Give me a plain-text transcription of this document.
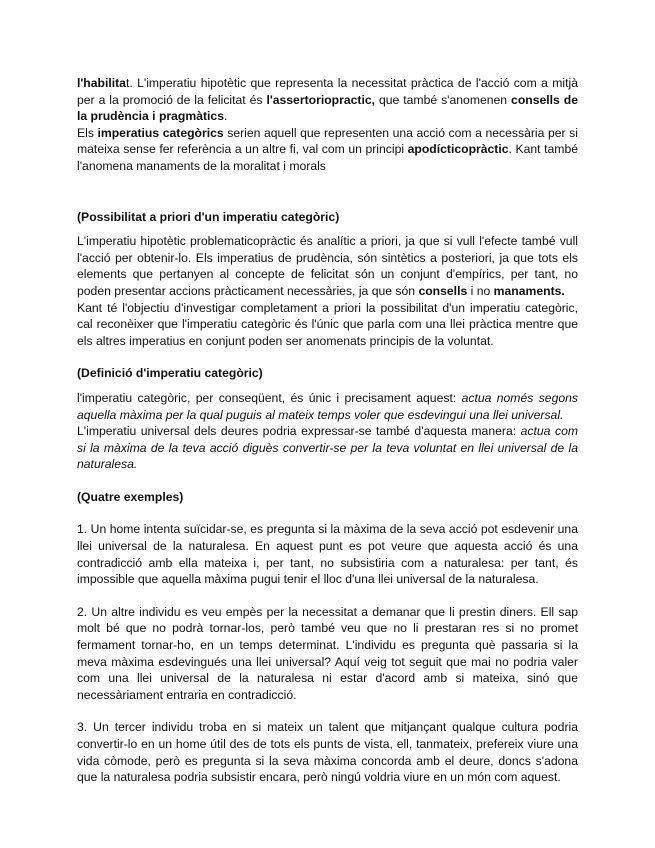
l'habilitat. L'imperatiu hipotètic que representa la necessitat pràctica de l'acció com a mitjà per a la promoció de la felicitat és l'assertoriopractic, que també s'anomenen consells de la prudència i pragmàtics.

Els imperatius categòrics serien aquell que representen una acció com a necessària per si mateixa sense fer referència a un altre fi, val com un principi apodícticopràctic. Kant també l'anomena manaments de la moralitat i morals

(Possibilitat a priori d'un imperatiu categòric)

L'imperatiu hipotètic problematicopràctic és analític a priori, ja que si vull l'efecte també vull l'acció per obtenir-lo. Els imperatius de prudència, són sintètics a posteriori, ja que tots els elements que pertanyen al concepte de felicitat són un conjunt d'empírics, per tant, no poden presentar accions pràcticament necessàries, ja que són consells i no manaments.

Kant té l'objectiu d'investigar completament a priori la possibilitat d'un imperatiu categòric, cal reconèixer que l'imperatiu categòric és l'únic que parla com una llei pràctica mentre que els altres imperatius en conjunt poden ser anomenats principis de la voluntat.

(Definició d'imperatiu categòric)

l'imperatiu categòric, per conseqüent, és únic i precisament aquest: actua només segons aquella màxima per la qual puguis al mateix temps voler que esdevingui una llei universal.

L'imperatiu universal dels deures podria expressar-se també d'aquesta manera: actua com si la màxima de la teva acció diguès convertir-se per la teva voluntat en llei universal de la naturalesa.

(Quatre exemples)

1. Un home intenta suïcidar-se, es pregunta si la màxima de la seva acció pot esdevenir una llei universal de la naturalesa. En aquest punt es pot veure que aquesta acció és una contradicció amb ella mateixa i, per tant, no subsistiria com a naturalesa: per tant, és impossible que aquella màxima pugui tenir el lloc d'una llei universal de la naturalesa.

2. Un altre individu es veu empès per la necessitat a demanar que li prestin diners. Ell sap molt bé que no podrà tornar-los, però també veu que no li prestaran res si no promet fermament tornar-ho, en un temps determinat. L'individu es pregunta què passaria si la meva màxima esdevingués una llei universal? Aquí veig tot seguit que mai no podria valer com una llei universal de la naturalesa ni estar d'acord amb si mateixa, sinó que necessàriament entraria en contradicció.

3. Un tercer individu troba en si mateix un talent que mitjançant qualque cultura podria convertir-lo en un home útil des de tots els punts de vista, ell, tanmateix, prefereix viure una vida còmode, però es pregunta si la seva màxima concorda amb el deure, doncs s'adona que la naturalesa podria subsistir encara, però ningú voldria viure en un món com aquest.
